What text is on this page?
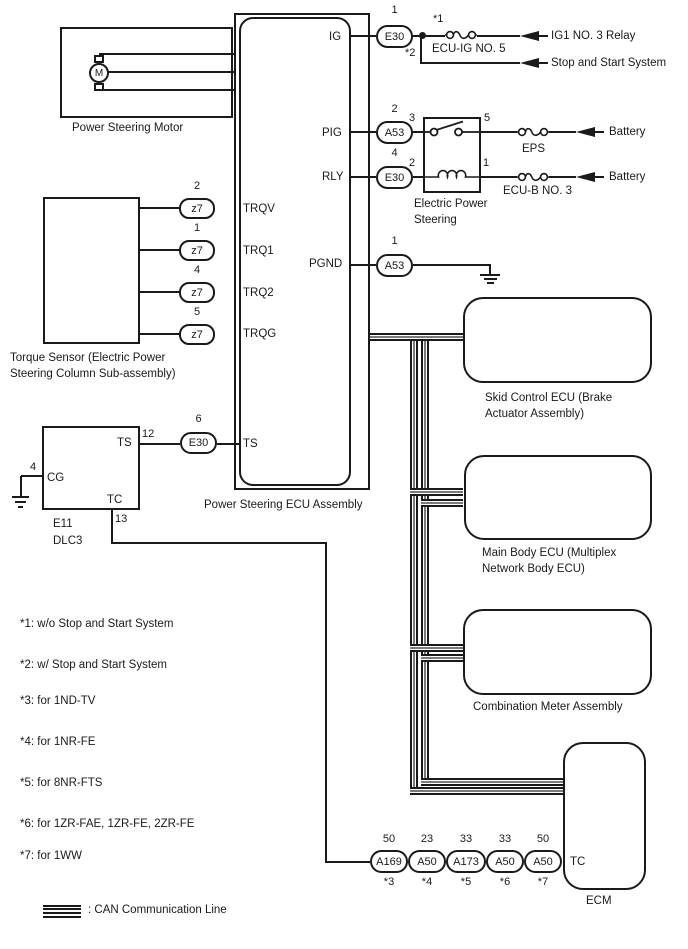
M
Power Steering Motor
Power Steering ECU Assembly
IG
PIG
RLY
PGND
TRQV
TRQ1
TRQ2
TRQG
TS
E30
1
*1
ECU-IG NO. 5
IG1 NO. 3 Relay
*2
Stop and Start System
A53
2
3	5
EPS
Battery
E30
4
2	1
ECU-B NO. 3
Battery
Electric Power
Steering
A53
1
z7
z7
z7
z7
2
1
4
5
Torque Sensor (Electric Power
Steering Column Sub-assembly)
TS
12
E30
6
4
CG
TC
13
E11
DLC3
Skid Control ECU (Brake
Actuator Assembly)
Main Body ECU (Multiplex
Network Body ECU)
Combination Meter Assembly
TC
ECM
50
A169
*3
23
A50
*4
33
A173
*5
33
A50
*6
50
A50
*7
*1: w/o Stop and Start System
*2: w/ Stop and Start System
*3: for 1ND-TV
*4: for 1NR-FE
*5: for 8NR-FTS
*6: for 1ZR-FAE, 1ZR-FE, 2ZR-FE
*7: for 1WW
: CAN Communication Line
